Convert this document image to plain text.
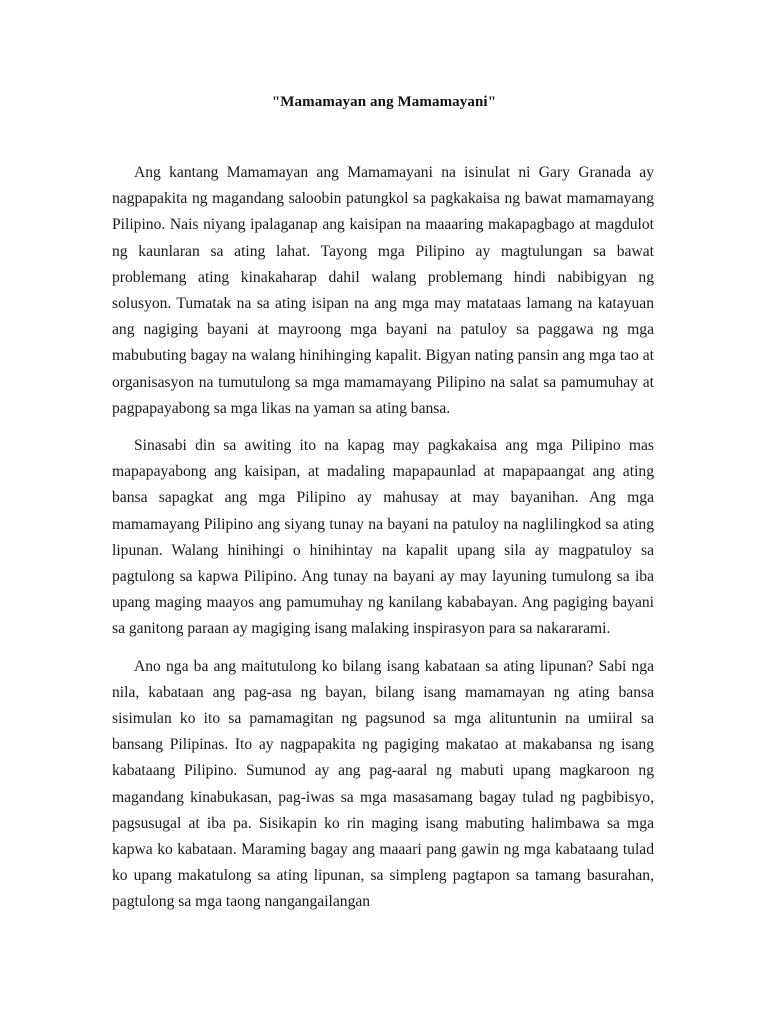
"Mamamayan ang Mamamayani"

Ang kantang Mamamayan ang Mamamayani na isinulat ni Gary Granada ay nagpapakita ng magandang saloobin patungkol sa pagkakaisa ng bawat mamamayang Pilipino. Nais niyang ipalaganap ang kaisipan na maaaring makapagbago at magdulot ng kaunlaran sa ating lahat. Tayong mga Pilipino ay magtulungan sa bawat problemang ating kinakaharap dahil walang problemang hindi nabibigyan ng solusyon. Tumatak na sa ating isipan na ang mga may matataas lamang na katayuan ang nagiging bayani at mayroong mga bayani na patuloy sa paggawa ng mga mabubuting bagay na walang hinihinging kapalit. Bigyan nating pansin ang mga tao at organisasyon na tumutulong sa mga mamamayang Pilipino na salat sa pamumuhay at pagpapayabong sa mga likas na yaman sa ating bansa.

Sinasabi din sa awiting ito na kapag may pagkakaisa ang mga Pilipino mas mapapayabong ang kaisipan, at madaling mapapaunlad at mapapaangat ang ating bansa sapagkat ang mga Pilipino ay mahusay at may bayanihan. Ang mga mamamayang Pilipino ang siyang tunay na bayani na patuloy na naglilingkod sa ating lipunan. Walang hinihingi o hinihintay na kapalit upang sila ay magpatuloy sa pagtulong sa kapwa Pilipino. Ang tunay na bayani ay may layuning tumulong sa iba upang maging maayos ang pamumuhay ng kanilang kababayan. Ang pagiging bayani sa ganitong paraan ay magiging isang malaking inspirasyon para sa nakararami.

Ano nga ba ang maitutulong ko bilang isang kabataan sa ating lipunan? Sabi nga nila, kabataan ang pag-asa ng bayan, bilang isang mamamayan ng ating bansa sisimulan ko ito sa pamamagitan ng pagsunod sa mga alituntunin na umiiral sa bansang Pilipinas. Ito ay nagpapakita ng pagiging makatao at makabansa ng isang kabataang Pilipino. Sumunod ay ang pag-aaral ng mabuti upang magkaroon ng magandang kinabukasan, pag-iwas sa mga masasamang bagay tulad ng pagbibisyo, pagsusugal at iba pa. Sisikapin ko rin maging isang mabuting halimbawa sa mga kapwa ko kabataan. Maraming bagay ang maaari pang gawin ng mga kabataang tulad ko upang makatulong sa ating lipunan, sa simpleng pagtapon sa tamang basurahan, pagtulong sa mga taong nangangailangan
